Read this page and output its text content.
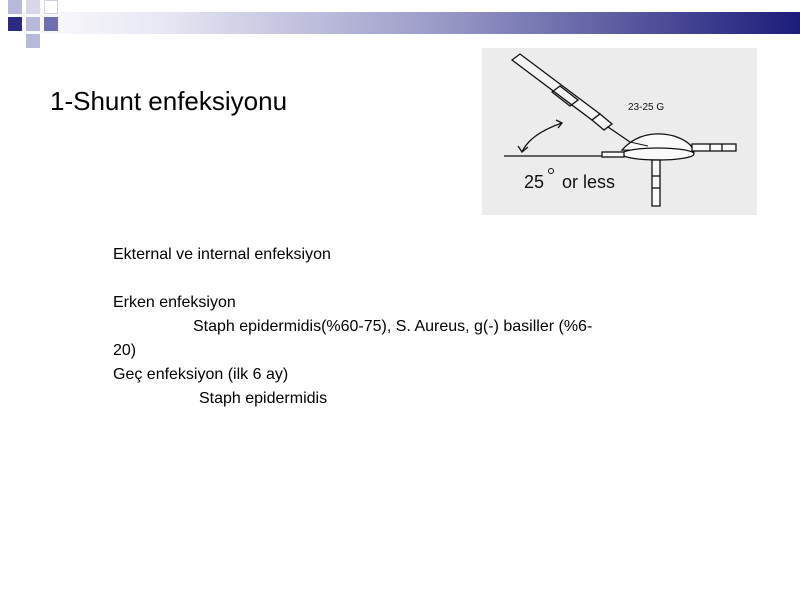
1-Shunt enfeksiyonu	23-25 G
25 or less
Ekternal ve internal enfeksiyon
Erken enfeksiyon
Staph epidermidis(%60-75), S. Aureus, g(-) basiller (%6-
20)
Geç enfeksiyon (ilk 6 ay)
Staph epidermidis
